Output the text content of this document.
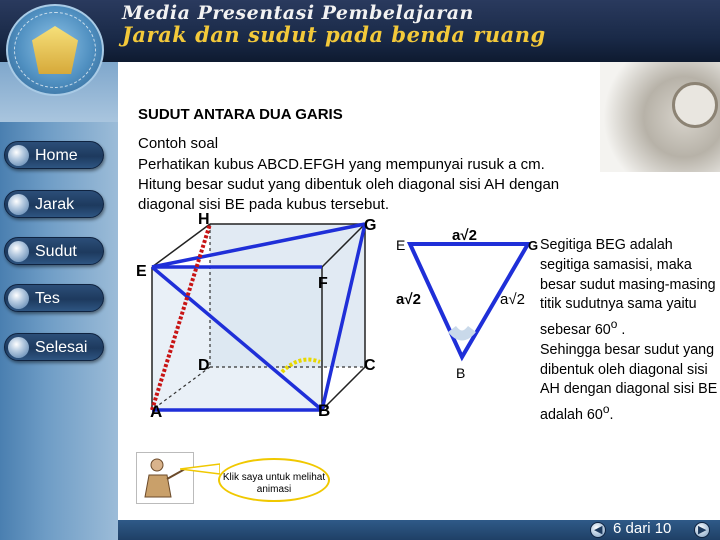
Media Presentasi Pembelajaran
Jarak dan sudut pada benda ruang
Home
Jarak
Sudut
Tes
Selesai
SUDUT ANTARA DUA GARIS
Contoh soal
Perhatikan kubus ABCD.EFGH yang mempunyai rusuk a cm.
Hitung besar sudut yang dibentuk oleh diagonal sisi AH dengan
diagonal sisi BE pada kubus tersebut.
H	G
E
F
D	C
A	B
E	G
B
a√2
a√2	a√2
Segitiga BEG adalah segitiga samasisi, maka besar sudut masing-masing titik sudutnya sama yaitu sebesar 60$^o$ .
Sehingga besar sudut yang dibentuk oleh diagonal sisi AH dengan diagonal sisi BE adalah 60$^o$.
Klik saya untuk melihat animasi
◀ 6 dari 10 ▶
